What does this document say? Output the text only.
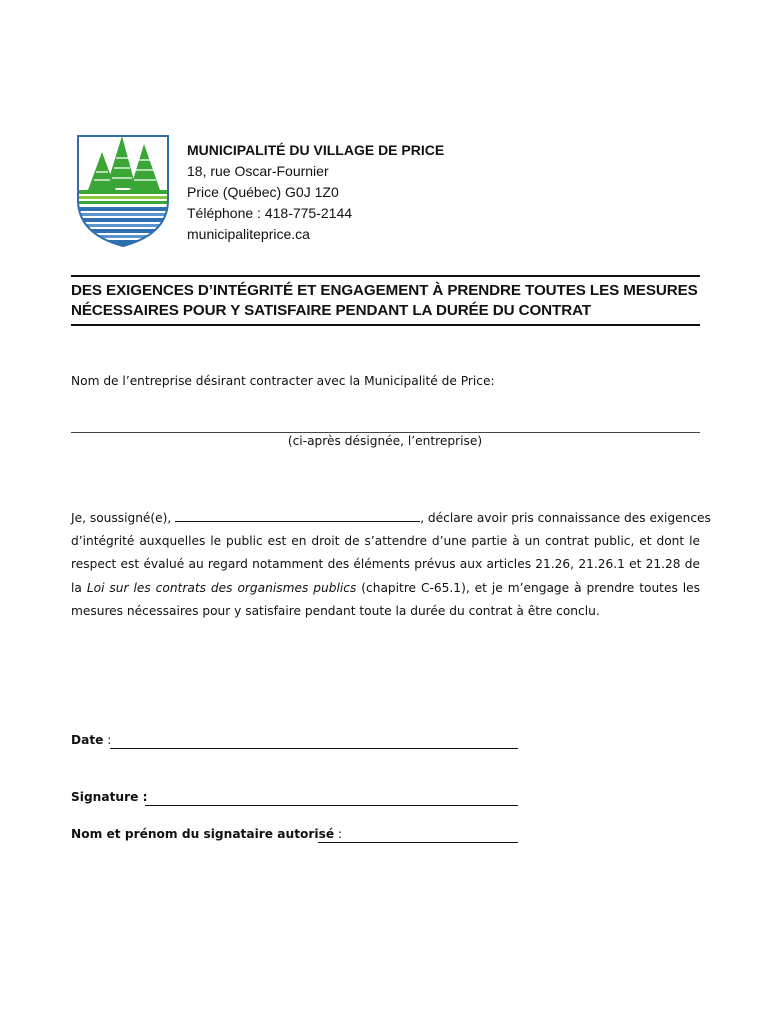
MUNICIPALITÉ DU VILLAGE DE PRICE
18, rue Oscar-Fournier
Price (Québec) G0J 1Z0
Téléphone : 418-775-2144
municipaliteprice.ca
DES EXIGENCES D’INTÉGRITÉ ET ENGAGEMENT À PRENDRE TOUTES LES MESURES
NÉCESSAIRES POUR Y SATISFAIRE PENDANT LA DURÉE DU CONTRAT
Nom de l’entreprise désirant contracter avec la Municipalité de Price:
(ci-après désignée, l’entreprise)
Je, soussigné(e),	, déclare avoir pris connaissance des exigences
d’intégrité auxquelles le public est en droit de s’attendre d’une partie à un contrat public, et dont le
respect est évalué au regard notamment des éléments prévus aux articles 21.26, 21.26.1 et 21.28 de
la Loi sur les contrats des organismes publics (chapitre C-65.1), et je m’engage à prendre toutes les
mesures nécessaires pour y satisfaire pendant toute la durée du contrat à être conclu.
Date :
Signature :
Nom et prénom du signataire autorisé :
